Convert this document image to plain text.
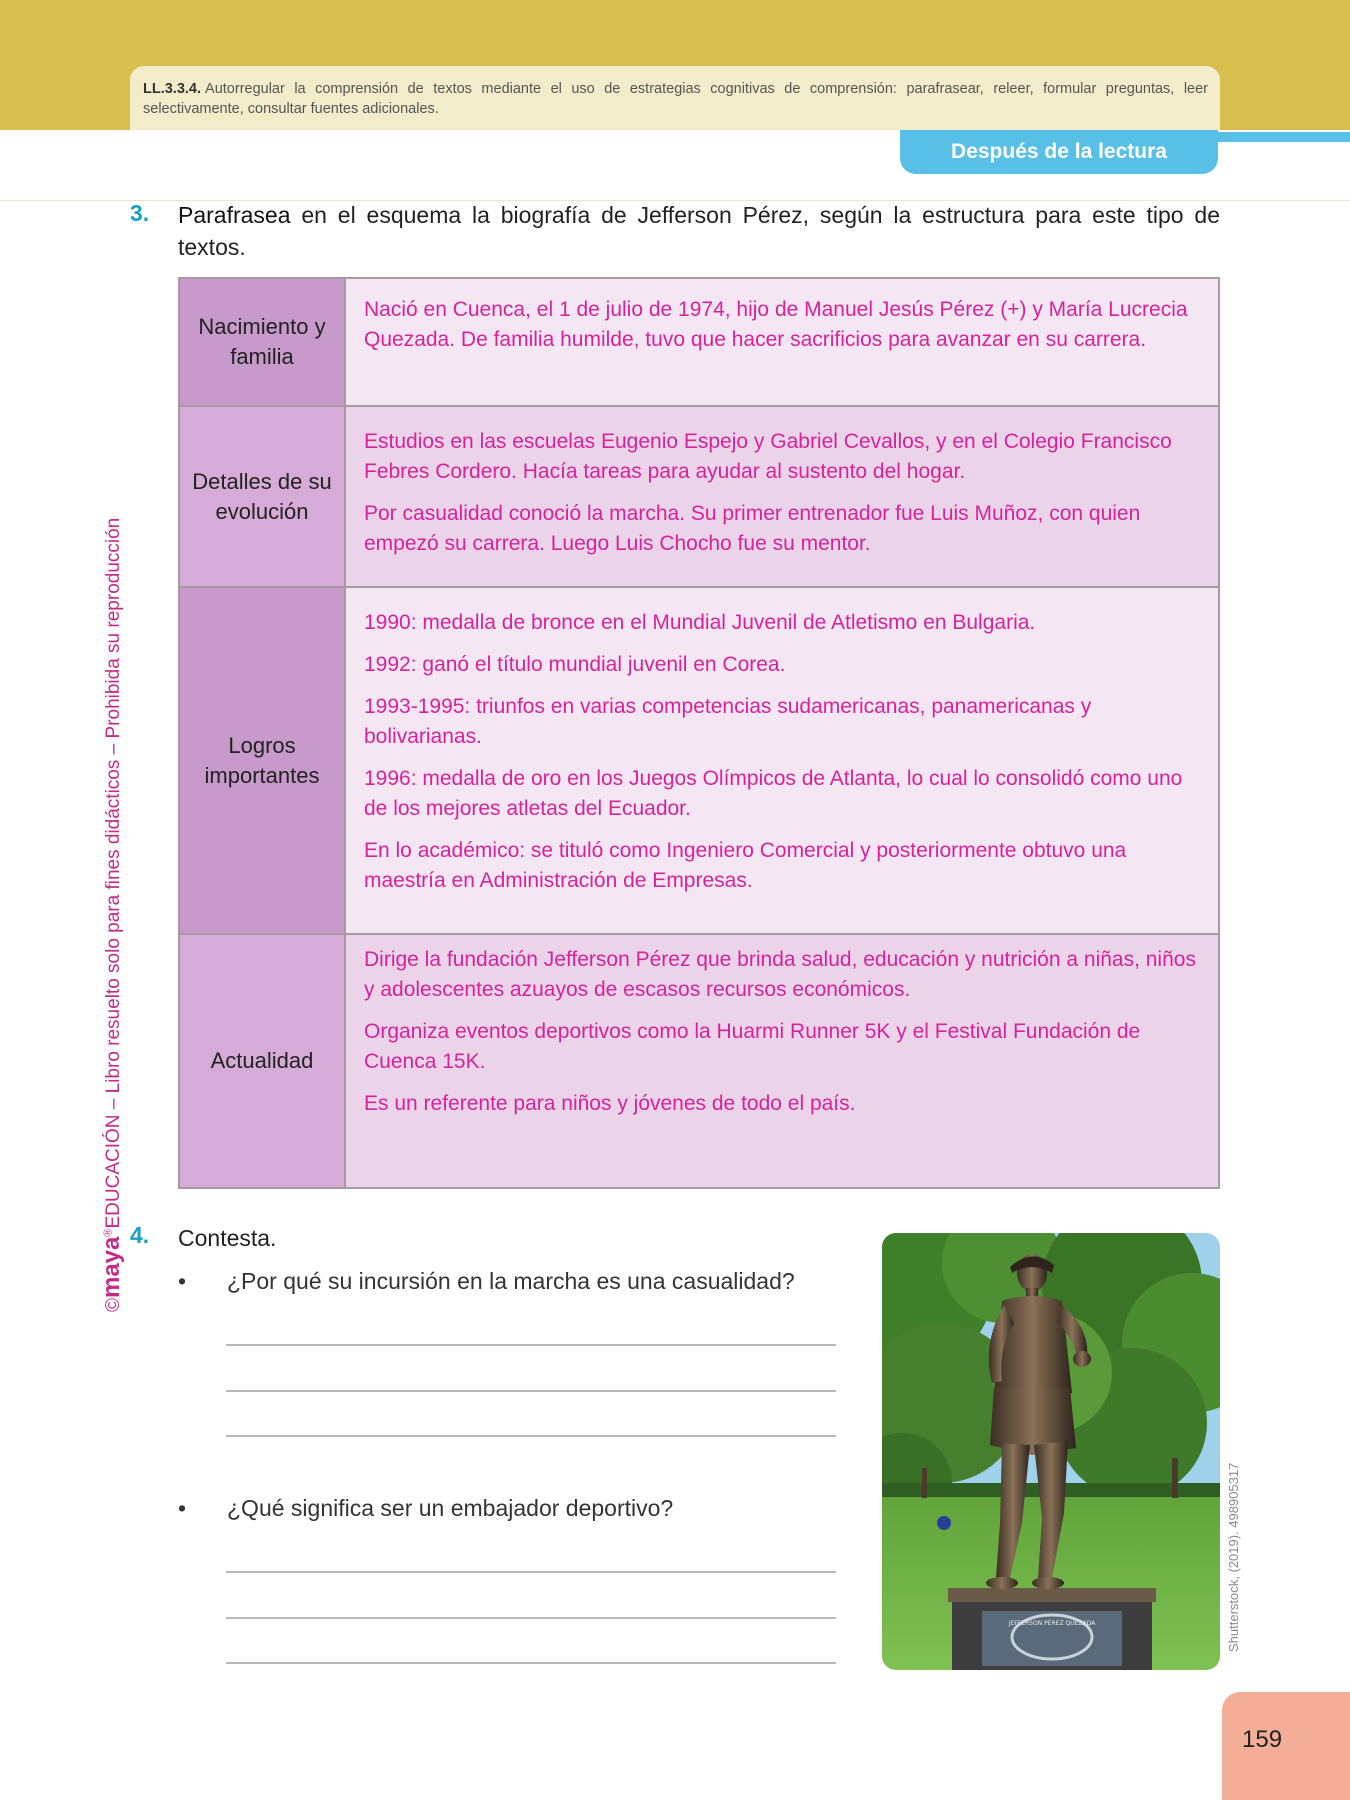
LL.3.3.4. Autorregular la comprensión de textos mediante el uso de estrategias cognitivas de comprensión: parafrasear, releer, formular preguntas, leer selectivamente, consultar fuentes adicionales.
Después de la lectura
©maya®EDUCACIÓN – Libro resuelto solo para fines didácticos – Prohibida su reproducción
3. Parafrasea en el esquema la biografía de Jefferson Pérez, según la estructura para este tipo de textos.
Nacimiento y familia	Nació en Cuenca, el 1 de julio de 1974, hijo de Manuel Jesús Pérez (+) y María Lucrecia Quezada. De familia humilde, tuvo que hacer sacrificios para avanzar en su carrera.

Detalles de su evolución	Estudios en las escuelas Eugenio Espejo y Gabriel Cevallos, y en el Colegio Francisco Febres Cordero. Hacía tareas para ayudar al sustento del hogar.

Por casualidad conoció la marcha. Su primer entrenador fue Luis Muñoz, con quien empezó su carrera. Luego Luis Chocho fue su mentor.

Logros importantes	1990: medalla de bronce en el Mundial Juvenil de Atletismo en Bulgaria.

1992: ganó el título mundial juvenil en Corea.

1993-1995: triunfos en varias competencias sudamericanas, panamericanas y bolivarianas.

1996: medalla de oro en los Juegos Olímpicos de Atlanta, lo cual lo consolidó como uno de los mejores atletas del Ecuador.

En lo académico: se tituló como Ingeniero Comercial y posteriormente obtuvo una maestría en Administración de Empresas.

Actualidad	Dirige la fundación Jefferson Pérez que brinda salud, educación y nutrición a niñas, niños y adolescentes azuayos de escasos recursos económicos.

Organiza eventos deportivos como la Huarmi Runner 5K y el Festival Fundación de Cuenca 15K.

Es un referente para niños y jóvenes de todo el país.

4. Contesta.
• ¿Por qué su incursión en la marcha es una casualidad?
• ¿Qué significa ser un embajador deportivo?
JEFFERSON PÉREZ QUEZADA	Shutterstock, (2019). 498905317
159
